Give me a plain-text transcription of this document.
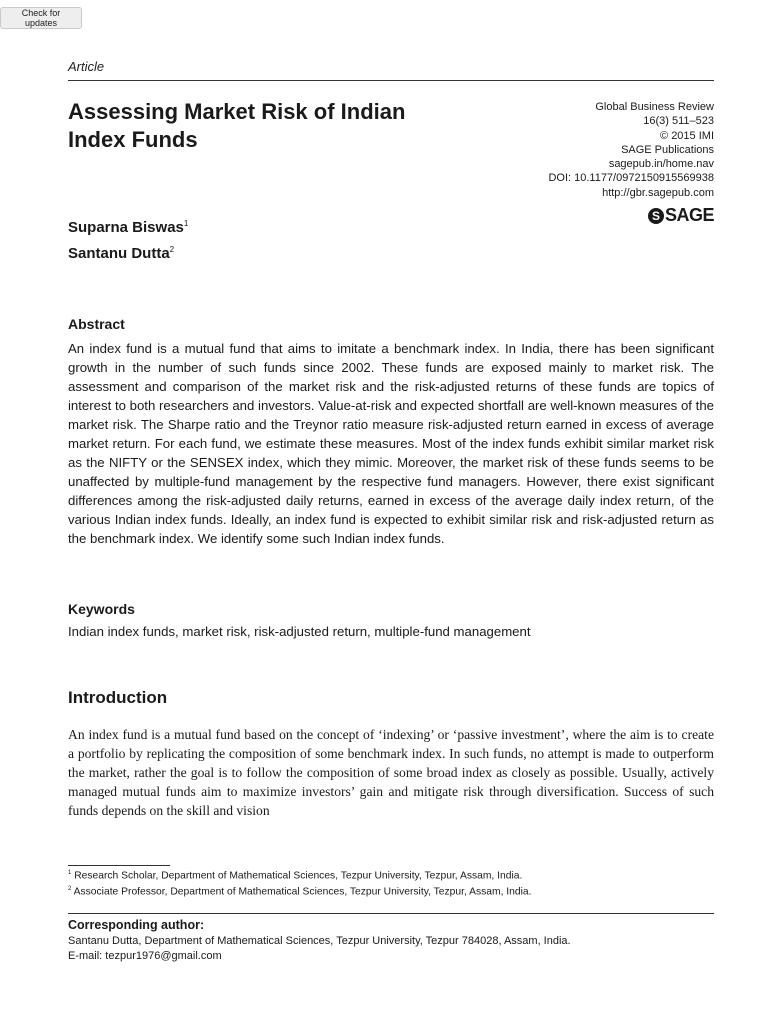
Check for updates
Article
Assessing Market Risk of Indian Index Funds
Global Business Review
16(3) 511–523
© 2015 IMI
SAGE Publications
sagepub.in/home.nav
DOI: 10.1177/0972150915569938
http://gbr.sagepub.com
S SAGE
Suparna Biswas$^1$
Santanu Dutta$^2$
Abstract

An index fund is a mutual fund that aims to imitate a benchmark index. In India, there has been significant growth in the number of such funds since 2002. These funds are exposed mainly to market risk. The assessment and comparison of the market risk and the risk-adjusted returns of these funds are topics of interest to both researchers and investors. Value-at-risk and expected shortfall are well-known measures of the market risk. The Sharpe ratio and the Treynor ratio measure risk-adjusted return earned in excess of average market return. For each fund, we estimate these measures. Most of the index funds exhibit similar market risk as the NIFTY or the SENSEX index, which they mimic. Moreover, the market risk of these funds seems to be unaffected by multiple-fund management by the respective fund managers. However, there exist significant differences among the risk-adjusted daily returns, earned in excess of the average daily index return, of the various Indian index funds. Ideally, an index fund is expected to exhibit similar risk and risk-adjusted return as the benchmark index. We identify some such Indian index funds.

Keywords

Indian index funds, market risk, risk-adjusted return, multiple-fund management

Introduction

An index fund is a mutual fund based on the concept of ‘indexing’ or ‘passive investment’, where the aim is to create a portfolio by replicating the composition of some benchmark index. In such funds, no attempt is made to outperform the market, rather the goal is to follow the composition of some broad index as closely as possible. Usually, actively managed mutual funds aim to maximize investors’ gain and mitigate risk through diversification. Success of such funds depends on the skill and vision

$^1$ Research Scholar, Department of Mathematical Sciences, Tezpur University, Tezpur, Assam, India.

$^2$ Associate Professor, Department of Mathematical Sciences, Tezpur University, Tezpur, Assam, India.

Corresponding author:

Santanu Dutta, Department of Mathematical Sciences, Tezpur University, Tezpur 784028, Assam, India.

E-mail: tezpur1976@gmail.com
